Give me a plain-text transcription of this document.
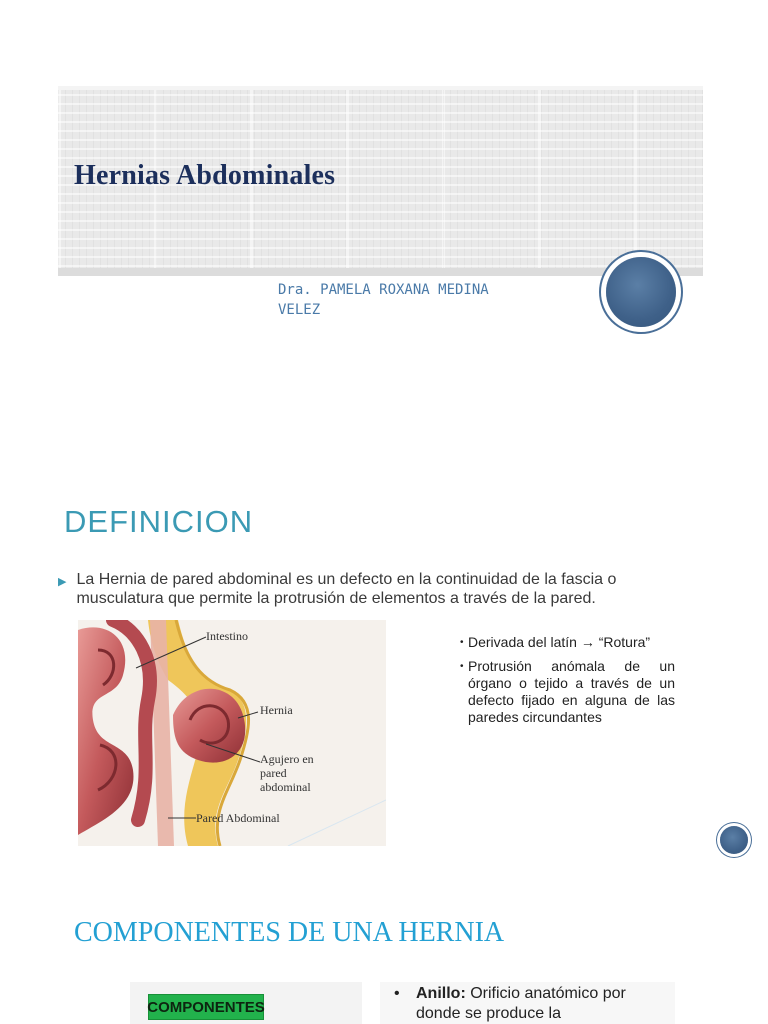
Hernias Abdominales
Dra. PAMELA ROXANA MEDINA VELEZ
DEFINICION
▶ La Hernia de pared abdominal es un defecto en la continuidad de la fascia o musculatura que permite la protrusión de elementos a través de la pared.
Intestino
Hernia
Agujero en
pared
abdominal
Pared Abdominal
• Derivada del latín → “Rotura”
• Protrusión anómala de un órgano o tejido a través de un defecto fijado en alguna de las paredes circundantes
COMPONENTES DE UNA HERNIA
COMPONENTES
•	Anillo: Orificio anatómico por donde se produce la
